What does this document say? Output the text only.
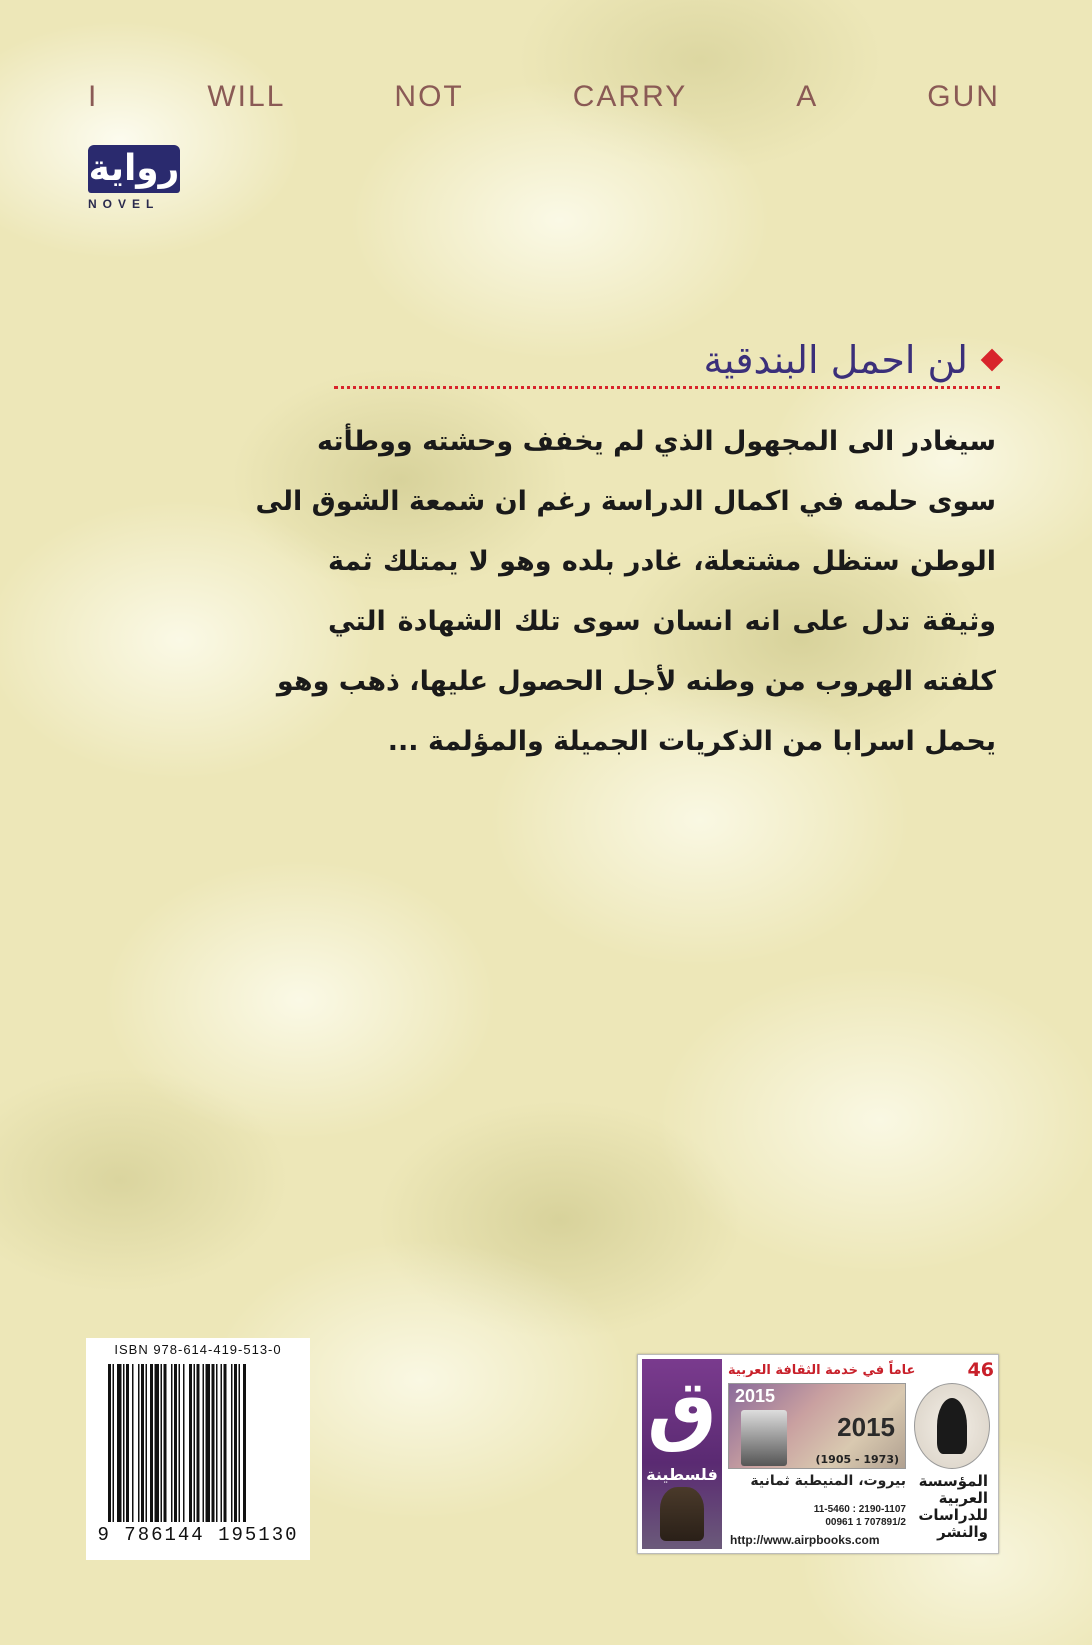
I	WILL	NOT	CARRY	A	GUN
رواية
NOVEL
لن احمل البندقية
سيغادر الى المجهول الذي لم يخفف وحشته ووطأته
سوى حلمه في اكمال الدراسة رغم ان شمعة الشوق الى
الوطن ستظل مشتعلة، غادر بلده وهو لا يمتلك ثمة
وثيقة تدل على انه انسان سوى تلك الشهادة التي
كلفته الهروب من وطنه لأجل الحصول عليها، ذهب وهو
يحمل اسرابا من الذكريات الجميلة والمؤلمة ...
ISBN 978-614-419-513-0
9 786144 195130
ق
فلسطينة
46
عاماً في خدمة الثقافة العربية
2015
2015
(1905 - 1973)
المؤسسة العربية للدراسات والنشر
بيروت، المنيطبة ثمانية
11-5460 : 2190-1107
00961 1 707891/2
http://www.airpbooks.com
